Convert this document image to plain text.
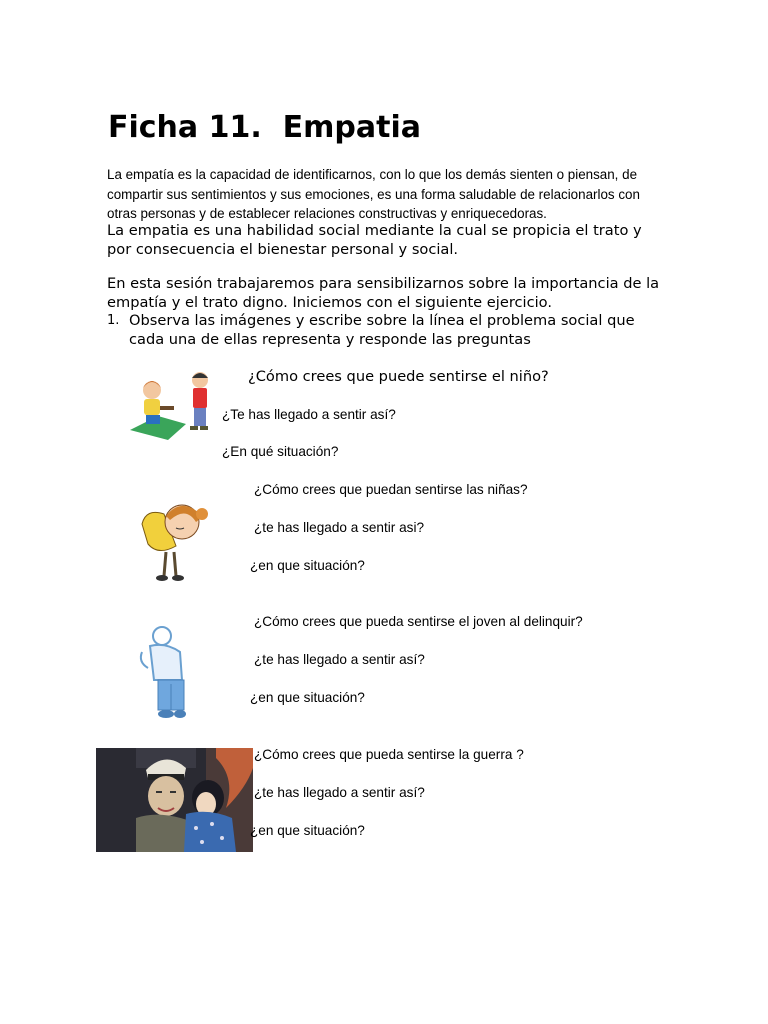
Ficha 11.  Empatia
La empatía es la capacidad de identificarnos, con lo que los demás sienten o piensan, de compartir sus sentimientos y sus emociones, es una forma saludable de relacionarlos con otras personas y de establecer relaciones constructivas y enriquecedoras.
La empatia es una habilidad social mediante la cual se propicia el trato y por consecuencia el bienestar personal y social.
En esta sesión trabajaremos para sensibilizarnos sobre la importancia de la empatía y el trato digno. Iniciemos con el siguiente ejercicio.
1. Observa las imágenes y escribe sobre la línea el problema social que cada una de ellas representa y responde las preguntas
¿Cómo crees que puede sentirse el niño?
¿Te has llegado a sentir así?
¿En qué situación?
¿Cómo crees que puedan sentirse las niñas?
¿te has llegado a sentir asi?
¿en que situación?
¿Cómo crees que pueda sentirse el joven al delinquir?
¿te has llegado a sentir así?
¿en que situación?
¿Cómo crees que pueda sentirse la guerra ?
¿te has llegado a sentir así?
¿en que situación?
